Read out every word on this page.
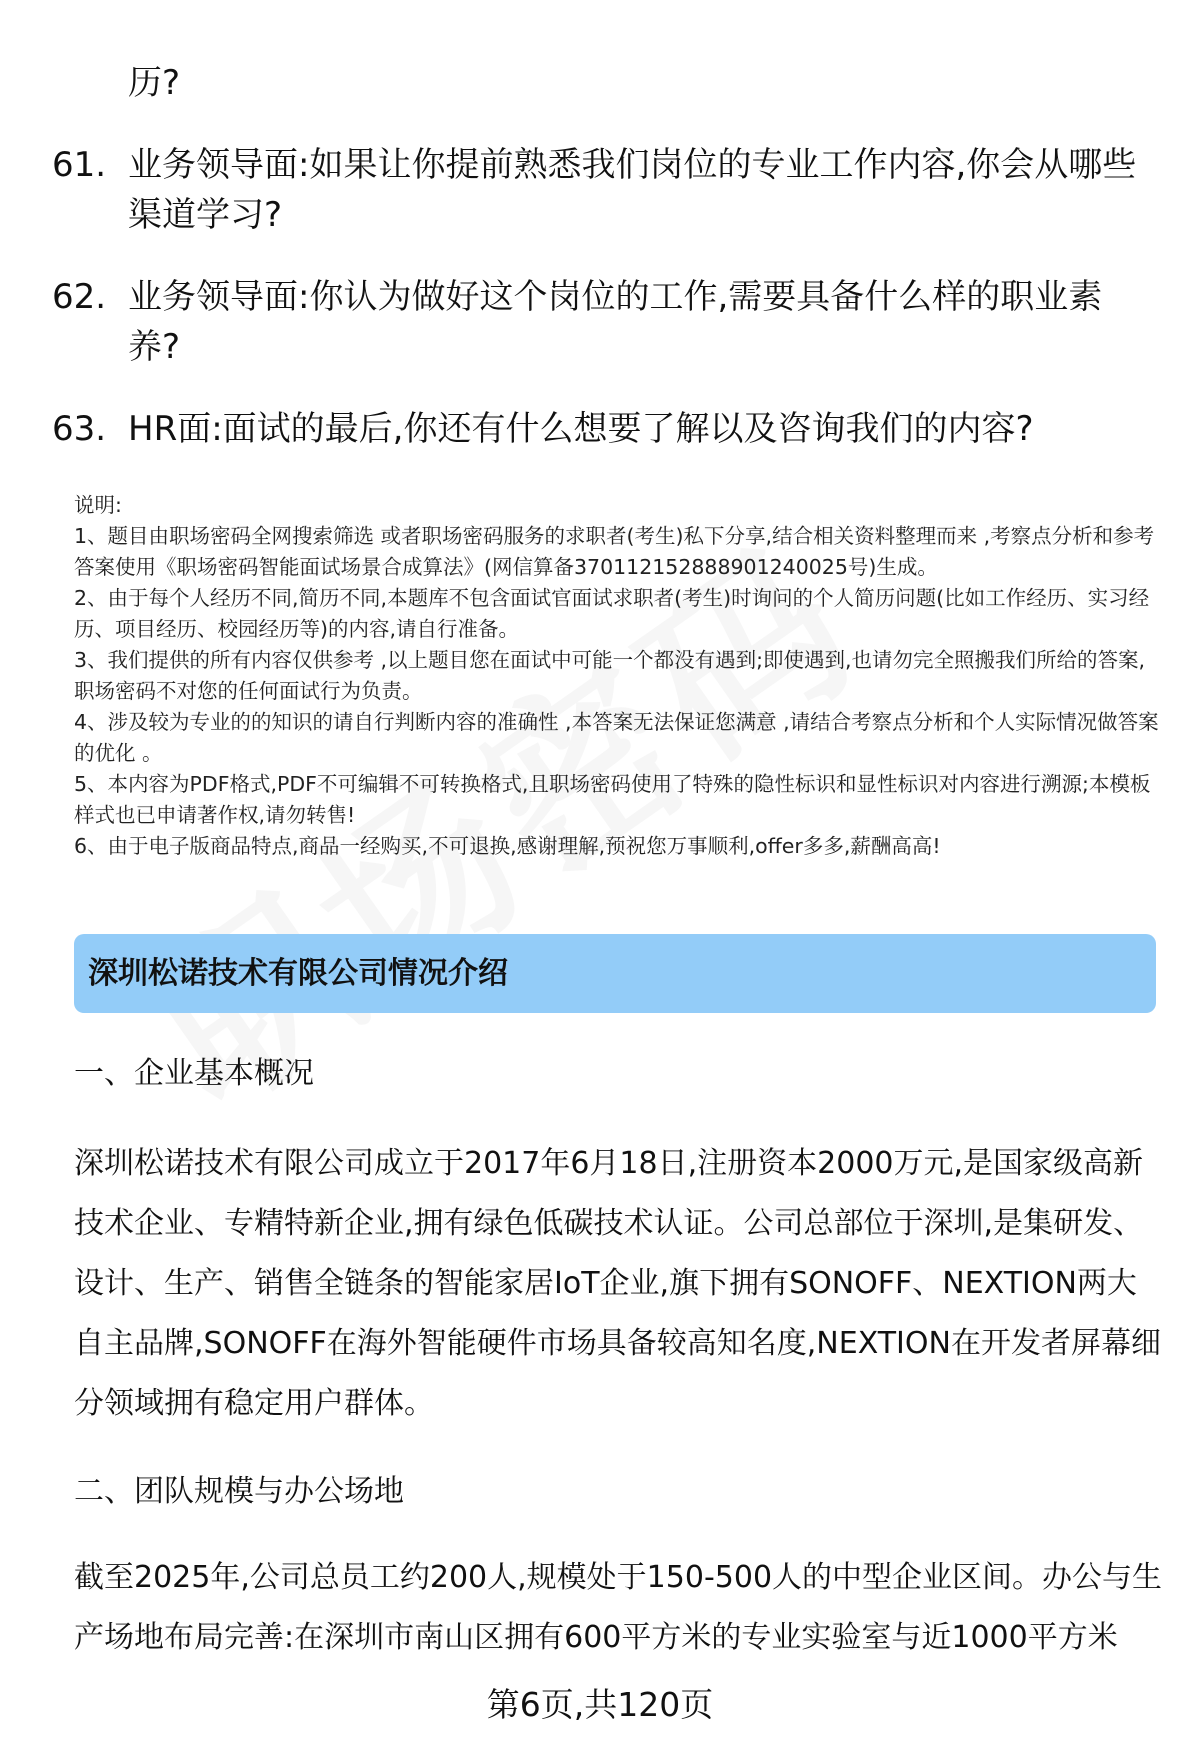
历?

61. 业务领导面:如果让你提前熟悉我们岗位的专业工作内容,你会从哪些渠道学习?
62. 业务领导面:你认为做好这个岗位的工作,需要具备什么样的职业素养?
63. HR面:面试的最后,你还有什么想要了解以及咨询我们的内容?

说明:

1、题目由职场密码全网搜索筛选 或者职场密码服务的求职者(考生)私下分享,结合相关资料整理而来 ,考察点分析和参考答案使用《职场密码智能面试场景合成算法》(网信算备370112152888901240025号)生成。

2、由于每个人经历不同,简历不同,本题库不包含面试官面试求职者(考生)时询问的个人简历问题(比如工作经历、实习经历、项目经历、校园经历等)的内容,请自行准备。

3、我们提供的所有内容仅供参考 ,以上题目您在面试中可能一个都没有遇到;即使遇到,也请勿完全照搬我们所给的答案,职场密码不对您的任何面试行为负责。

4、涉及较为专业的的知识的请自行判断内容的准确性 ,本答案无法保证您满意 ,请结合考察点分析和个人实际情况做答案的优化 。

5、本内容为PDF格式,PDF不可编辑不可转换格式,且职场密码使用了特殊的隐性标识和显性标识对内容进行溯源;本模板样式也已申请著作权,请勿转售!

6、由于电子版商品特点,商品一经购买,不可退换,感谢理解,预祝您万事顺利,offer多多,薪酬高高!

深圳松诺技术有限公司情况介绍
一、企业基本概况

深圳松诺技术有限公司成立于2017年6月18日,注册资本2000万元,是国家级高新技术企业、专精特新企业,拥有绿色低碳技术认证。公司总部位于深圳,是集研发、设计、生产、销售全链条的智能家居IoT企业,旗下拥有SONOFF、NEXTION两大自主品牌,SONOFF在海外智能硬件市场具备较高知名度,NEXTION在开发者屏幕细分领域拥有稳定用户群体。

二、团队规模与办公场地

截至2025年,公司总员工约200人,规模处于150-500人的中型企业区间。办公与生产场地布局完善:在深圳市南山区拥有600平方米的专业实验室与近1000平方米

第6页,共120页
